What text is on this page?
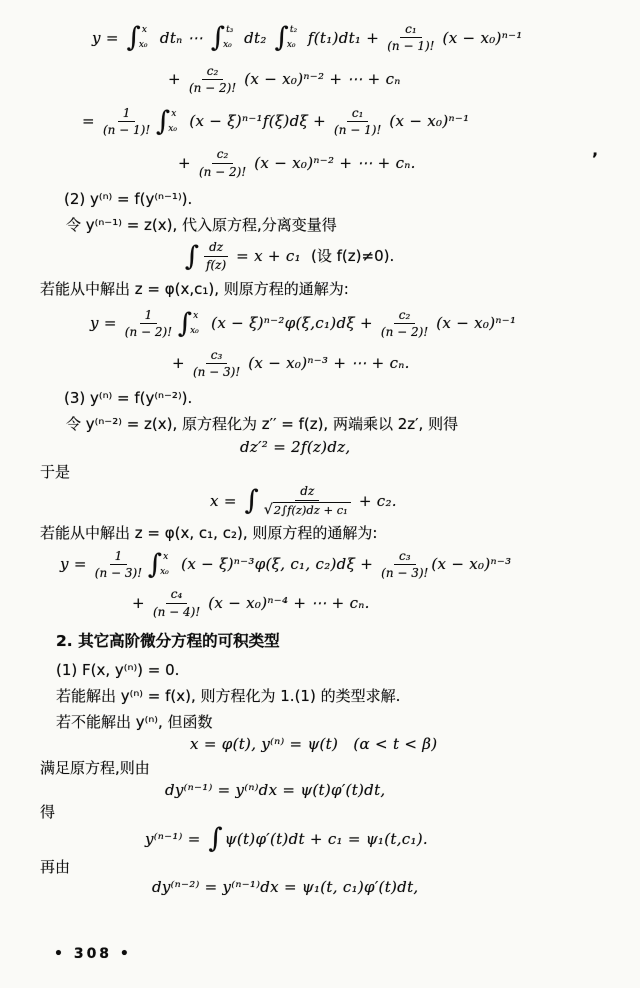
y = ∫ x
x₀ dtₙ ⋯ ∫ t₃
x₀ dt₂ ∫ t₂
x₀ $f(t_1)dt_1 + \frac{\text{c₁}}{(n - 1)!} (x - x_0)^{n-1}$
+ $\frac{\text{c₂}}{(n - 2)!} (x - x_0)^{n-2}$ + ⋯ + cₙ
= $\frac{1}{(n - 1)!}$ ∫ x
x₀ $(x - \xi)^{n-1}f(\xi)d\xi + \frac{\text{c₁}}{(n - 1)!} (x - x_0)^{n-1}$
+ $\frac{\text{c₂}}{(n - 2)!} (x - x_0)^{n-2}$ + ⋯ + cₙ.
(2) y⁽ⁿ⁾ = f(y⁽ⁿ⁻¹⁾).
令 y⁽ⁿ⁻¹⁾ = z(x), 代入原方程,分离变量得
∫ $\frac{dz}{f(z)} = x + c_1$ (设 f(z)≠0).
若能从中解出 z = φ(x,c₁), 则原方程的通解为:
$y = \frac{1}{(n - 2)!}$ ∫ x
x₀ $(x - \xi)^{n-2}\varphi(\xi,c_1)d\xi + \frac{\text{c₂}}{(n - 2)!} (x - x_0)^{n-1}$
+ $\frac{\text{c₃}}{(n - 3)!} (x - x_0)^{n-3}$ + ⋯ + cₙ.
(3) y⁽ⁿ⁾ = f(y⁽ⁿ⁻²⁾).
令 y⁽ⁿ⁻²⁾ = z(x), 原方程化为 z′′ = f(z), 两端乘以 2z′, 则得
dz′² = 2f(z)dz,
于是
x = ∫ $\frac{dz}{\text{√ 2∫f(z)dz + c₁}} + c_2$.
若能从中解出 z = φ(x, c₁, c₂), 则原方程的通解为:
$y = \frac{1}{(n - 3)!}$ ∫ x
x₀ (x − ξ)ⁿ⁻³φ(ξ, c₁, $c_2)d\xi + \frac{\text{c₃}}{(n - 3)!} (x - x_0)^{n-3}$
+ $\frac{\text{c₄}}{(n - 4)!} (x - x_0)^{n-4}$ + ⋯ + cₙ.
2. 其它高阶微分方程的可积类型
(1) F(x, y⁽ⁿ⁾) = 0.
若能解出 y⁽ⁿ⁾ = f(x), 则方程化为 1.(1) 的类型求解.
若不能解出 y⁽ⁿ⁾, 但函数
x = φ(t), y⁽ⁿ⁾ = ψ(t)   (α < t < β)
满足原方程,则由
dy⁽ⁿ⁻¹⁾ = y⁽ⁿ⁾dx = ψ(t)φ′(t)dt,
得
y⁽ⁿ⁻¹⁾ = ∫ ψ(t)φ′(t)dt + c₁ = ψ₁(t,c₁).
再由
dy⁽ⁿ⁻²⁾ = y⁽ⁿ⁻¹⁾dx = ψ₁(t, c₁)φ′(t)dt,
ʼ
• 308 •
